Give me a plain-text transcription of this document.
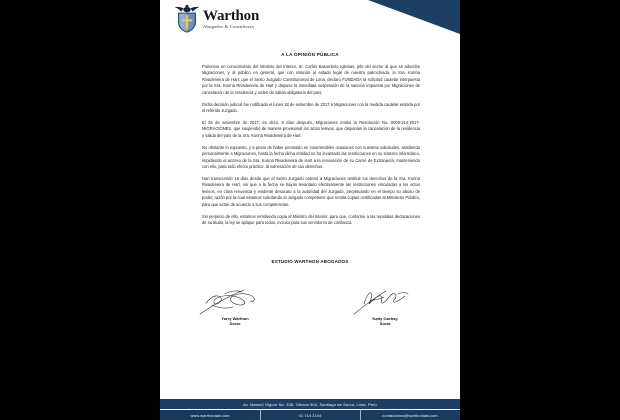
Warthon
Abogados & Consultores
A LA OPINIÓN PÚBLICA

Ponemos en conocimiento del Ministro del Interior, Sr. Carlos Basombrío Iglesias, jefe del sector al que se adscribe Migraciones, y al público en general, que con relación al estado legal de nuestra patrocinada, la Sra. Korina Rivadeneira de Hart, que el Sexto Juzgado Constitucional de Lima, declaró FUNDADA la solicitud cautelar interpuesta por la Sra. Korina Rivadeneira de Hart y dispuso la inmediata suspensión de la sanción impuesta por Migraciones de cancelación de la residencia y orden de salida obligatoria del país.

Dicha decisión judicial fue notificada el lunes 18 de setiembre de 2017 a Migraciones con la medida cautelar emitida por el referido Juzgado.

El 26 de setiembre de 2017, es decir, 8 días después, Migraciones emitió la Resolución No. 0000-214-2017-MIGRACIONES, que suspendió de manera provisional los actos lesivos, que disponían la cancelación de la residencia y salida del país de la Sra. Korina Rivadeneira de Hart.

No obstante lo expuesto, y a pesar de haber persistido en innumerables ocasiones con nuestras solicitudes, asistiendo personalmente a Migraciones, hasta la fecha dicha entidad no ha levantado las restricciones en su sistema informático, impidiendo el acceso de la Sra. Korina Rivadeneira de Hart a la renovación de su Carné de Extranjería, manteniendo con ello, para todo efecto práctico, la vulneración de sus derechos.

Han transcurrido 18 días desde que el Sexto Juzgado ordenó a Migraciones restituir los derechos de la Sra. Korina Rivadeneira de Hart, sin que a la fecha se hayan levantado efectivamente las restricciones vinculadas a los actos lesivos, en clara renuencia y evidente desacato a la autoridad del Juzgado, perpetuando en el tiempo su abuso de poder, razón por la cual estamos solicitando al Juzgado competente que remita copias certificadas al Ministerio Público, para que actúe de acuerdo a sus competencias.

Sin perjuicio de ello, estamos remitiendo copia al Ministro del Interior, para que, conforme a las repetidas declaraciones de su titular, la ley se aplique para todos, incluso para sus servidores de confianza.

ESTUDIO WARTHON ABOGADOS
Yorry Warthon
Socio
Katty Cachay
Socia
Av. Manuel Olguín No. 335, Oficina 904, Santiago de Surco, Lima, Perú
www.warthonlaw.com	01 714 2144	contactanos@warthonlaw.com
